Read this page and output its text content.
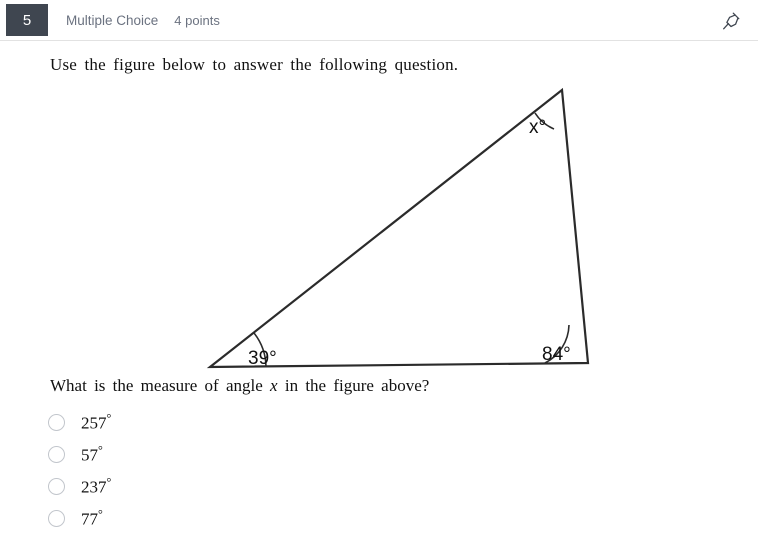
5	Multiple Choice 4 points
Use the figure below to answer the following question.
x°
39°	84°
What is the measure of angle x in the figure above?
257°
57°
237°
77°
